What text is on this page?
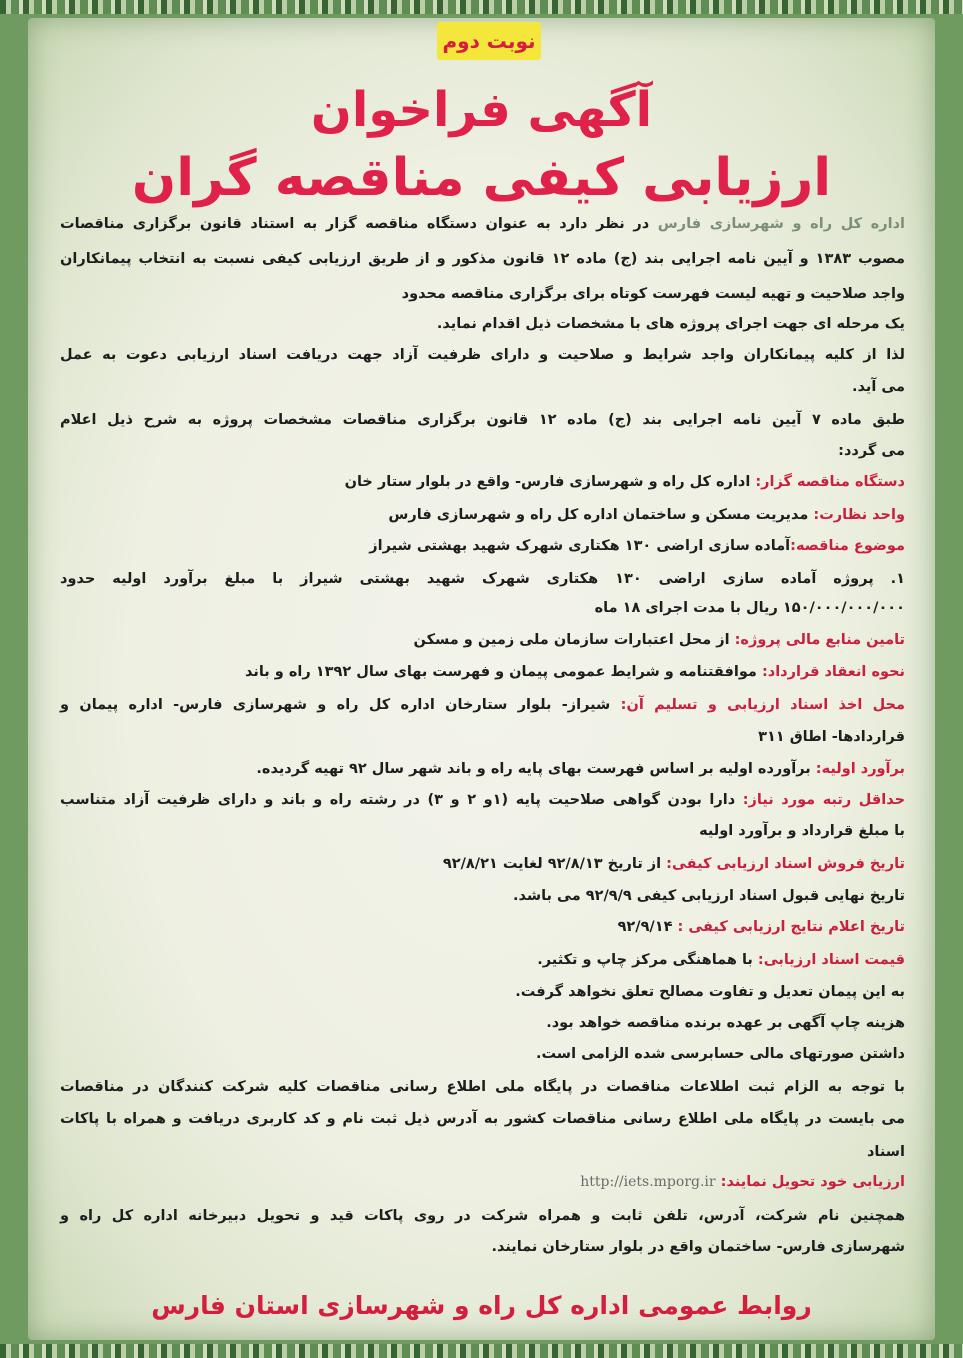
نوبت دوم
آگهی فراخوان
ارزیابی کیفی مناقصه گران
اداره کل راه و شهرسازی فارس در نظر دارد به عنوان دستگاه مناقصه گزار به استناد قانون برگزاری مناقصات
مصوب ۱۳۸۳ و آیین نامه اجرایی بند (ج) ماده ۱۲ قانون مذکور و از طریق ارزیابی کیفی نسبت به انتخاب پیمانکاران
واجد صلاحیت و تهیه لیست فهرست کوتاه برای برگزاری مناقصه محدود
یک مرحله ای جهت اجرای پروژه های با مشخصات ذیل اقدام نماید.
لذا از کلیه پیمانکاران واجد شرایط و صلاحیت و دارای ظرفیت آزاد جهت دریافت اسناد ارزیابی دعوت به عمل
می آید.
طبق ماده ۷ آیین نامه اجرایی بند (ج) ماده ۱۲ قانون برگزاری مناقصات مشخصات پروژه به شرح ذیل اعلام
می گردد:
دستگاه مناقصه گزار: اداره کل راه و شهرسازی فارس- واقع در بلوار ستار خان
واحد نظارت: مدیریت مسکن و ساختمان اداره کل راه و شهرسازی فارس
موضوع مناقصه:آماده سازی اراضی ۱۳۰ هکتاری شهرک شهید بهشتی شیراز
۱. پروژه آماده سازی اراضی ۱۳۰ هکتاری شهرک شهید بهشتی شیراز با مبلغ برآورد اولیه حدود
۱۵۰/۰۰۰/۰۰۰/۰۰۰ ریال با مدت اجرای ۱۸ ماه
تامین منابع مالی پروژه: از محل اعتبارات سازمان ملی زمین و مسکن
نحوه انعقاد قرارداد: موافقتنامه و شرایط عمومی پیمان و فهرست بهای سال ۱۳۹۲ راه و باند
محل اخذ اسناد ارزیابی و تسلیم آن: شیراز- بلوار ستارخان اداره کل راه و شهرسازی فارس- اداره پیمان و
قراردادها- اطاق ۳۱۱
برآورد اولیه: برآورده اولیه بر اساس فهرست بهای پایه راه و باند شهر سال ۹۲ تهیه گردیده.
حداقل رتبه مورد نیاز: دارا بودن گواهی صلاحیت پایه (۱و ۲ و ۳) در رشته راه و باند و دارای ظرفیت آزاد متناسب
با مبلغ قرارداد و برآورد اولیه
تاریخ فروش اسناد ارزیابی کیفی: از تاریخ ۹۲/۸/۱۳ لغایت ۹۲/۸/۲۱
تاریخ نهایی قبول اسناد ارزیابی کیفی ۹۲/۹/۹ می باشد.
تاریخ اعلام نتایج ارزیابی کیفی : ۹۲/۹/۱۴
قیمت اسناد ارزیابی: با هماهنگی مرکز چاپ و تکثیر.
به این پیمان تعدیل و تفاوت مصالح تعلق نخواهد گرفت.
هزینه چاپ آگهی بر عهده برنده مناقصه خواهد بود.
داشتن صورتهای مالی حسابرسی شده الزامی است.
با توجه به الزام ثبت اطلاعات مناقصات در پایگاه ملی اطلاع رسانی مناقصات کلیه شرکت کنندگان در مناقصات
می بایست در پایگاه ملی اطلاع رسانی مناقصات کشور به آدرس ذیل ثبت نام و کد کاربری دریافت و همراه با پاکات
اسناد
ارزیابی خود تحویل نمایند: http://iets.mporg.ir
همچنین نام شرکت، آدرس، تلفن ثابت و همراه شرکت در روی پاکات قید و تحویل دبیرخانه اداره کل راه و
شهرسازی فارس- ساختمان واقع در بلوار ستارخان نمایند.
روابط عمومی اداره کل راه و شهرسازی استان فارس
